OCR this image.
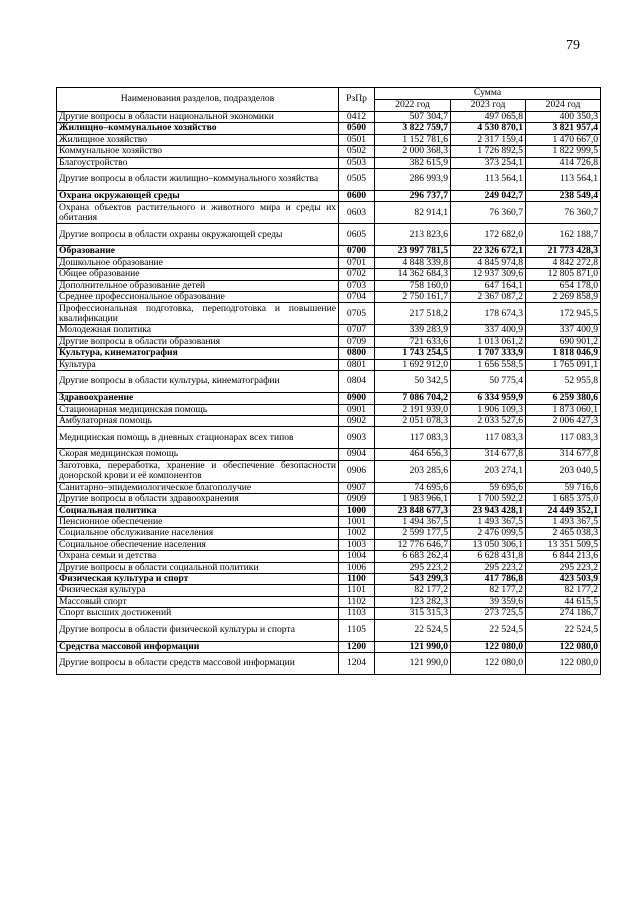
79
Наименования разделов, подразделов	РзПр	Сумма		
		2022 год	2023 год	2024 год
Другие вопросы в области национальной экономики	0412	507 304,7	497 065,8	400 350,3
Жилищно–коммунальное хозяйство	0500	3 822 759,7	4 530 870,1	3 821 957,4
Жилищное хозяйство	0501	1 152 781,6	2 317 159,4	1 470 667,0
Коммунальное хозяйство	0502	2 000 368,3	1 726 892,5	1 822 999,5
Благоустройство	0503	382 615,9	373 254,1	414 726,8
Другие вопросы в области жилищно–коммунального хозяйства	0505	286 993,9	113 564,1	113 564,1
Охрана окружающей среды	0600	296 737,7	249 042,7	238 549,4
Охрана объектов растительного и животного мира и среды их обитания	0603	82 914,1	76 360,7	76 360,7
Другие вопросы в области охраны окружающей среды	0605	213 823,6	172 682,0	162 188,7
Образование	0700	23 997 781,5	22 326 672,1	21 773 428,3
Дошкольное образование	0701	4 848 339,8	4 845 974,8	4 842 272,8
Общее образование	0702	14 362 684,3	12 937 309,6	12 805 871,0
Дополнительное образование детей	0703	758 160,0	647 164,1	654 178,0
Среднее профессиональное образование	0704	2 750 161,7	2 367 087,2	2 269 858,9
Профессиональная подготовка, переподготовка и повышение квалификации	0705	217 518,2	178 674,3	172 945,5
Молодежная политика	0707	339 283,9	337 400,9	337 400,9
Другие вопросы в области образования	0709	721 633,6	1 013 061,2	690 901,2
Культура, кинематография	0800	1 743 254,5	1 707 333,9	1 818 046,9
Культура	0801	1 692 912,0	1 656 558,5	1 765 091,1
Другие вопросы в области культуры, кинематографии	0804	50 342,5	50 775,4	52 955,8
Здравоохранение	0900	7 086 704,2	6 334 959,9	6 259 380,6
Стационарная медицинская помощь	0901	2 191 939,0	1 906 109,3	1 873 060,1
Амбулаторная помощь	0902	2 051 078,3	2 033 527,6	2 006 427,3
Медицинская помощь в дневных стационарах всех типов	0903	117 083,3	117 083,3	117 083,3
Скорая медицинская помощь	0904	464 656,3	314 677,8	314 677,8
Заготовка, переработка, хранение и обеспечение безопасности донорской крови и её компонентов	0906	203 285,6	203 274,1	203 040,5
Санитарно–эпидемиологическое благополучие	0907	74 695,6	59 695,6	59 716,6
Другие вопросы в области здравоохранения	0909	1 983 966,1	1 700 592,2	1 685 375,0
Социальная политика	1000	23 848 677,3	23 943 428,1	24 449 352,1
Пенсионное обеспечение	1001	1 494 367,5	1 493 367,5	1 493 367,5
Социальное обслуживание населения	1002	2 599 177,5	2 476 099,5	2 465 038,3
Социальное обеспечение населения	1003	12 776 646,7	13 050 306,1	13 351 509,5
Охрана семьи и детства	1004	6 683 262,4	6 628 431,8	6 844 213,6
Другие вопросы в области социальной политики	1006	295 223,2	295 223,2	295 223,2
Физическая культура и спорт	1100	543 299,3	417 786,8	423 503,9
Физическая культура	1101	82 177,2	82 177,2	82 177,2
Массовый спорт	1102	123 282,3	39 359,6	44 615,5
Спорт высших достижений	1103	315 315,3	273 725,5	274 186,7
Другие вопросы в области физической культуры и спорта	1105	22 524,5	22 524,5	22 524,5
Средства массовой информации	1200	121 990,0	122 080,0	122 080,0
Другие вопросы в области средств массовой информации	1204	121 990,0	122 080,0	122 080,0
